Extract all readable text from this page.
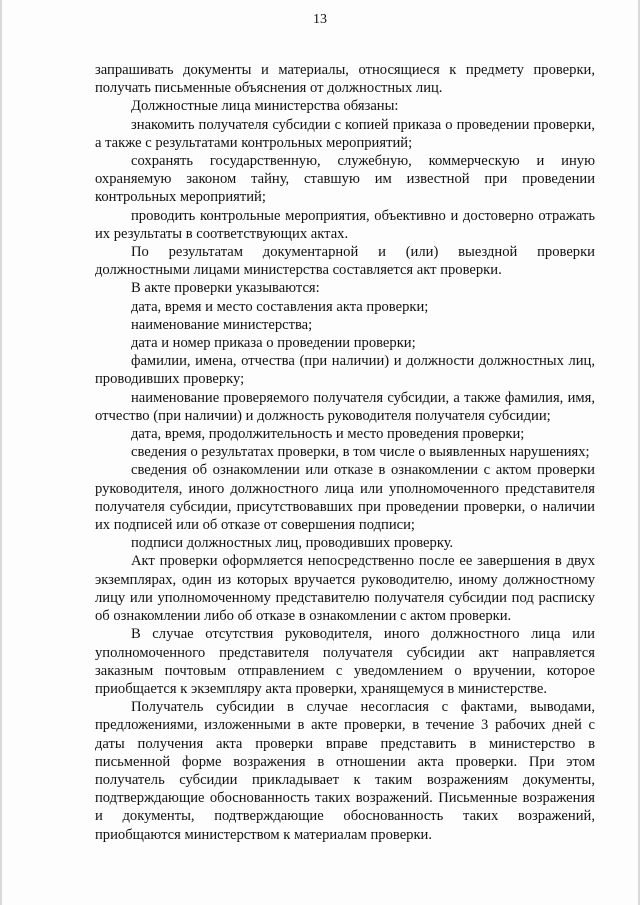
13

запрашивать документы и материалы, относящиеся к предмету проверки, получать письменные объяснения от должностных лиц.

Должностные лица министерства обязаны:

знакомить получателя субсидии с копией приказа о проведении проверки, а также с результатами контрольных мероприятий;

сохранять государственную, служебную, коммерческую и иную охраняемую законом тайну, ставшую им известной при проведении контрольных мероприятий;

проводить контрольные мероприятия, объективно и достоверно отражать их результаты в соответствующих актах.

По результатам документарной и (или) выездной проверки должностными лицами министерства составляется акт проверки.

В акте проверки указываются:

дата, время и место составления акта проверки;

наименование министерства;

дата и номер приказа о проведении проверки;

фамилии, имена, отчества (при наличии) и должности должностных лиц, проводивших проверку;

наименование проверяемого получателя субсидии, а также фамилия, имя, отчество (при наличии) и должность руководителя получателя субсидии;

дата, время, продолжительность и место проведения проверки;

сведения о результатах проверки, в том числе о выявленных нарушениях;

сведения об ознакомлении или отказе в ознакомлении с актом проверки руководителя, иного должностного лица или уполномоченного представителя получателя субсидии, присутствовавших при проведении проверки, о наличии их подписей или об отказе от совершения подписи;

подписи должностных лиц, проводивших проверку.

Акт проверки оформляется непосредственно после ее завершения в двух экземплярах, один из которых вручается руководителю, иному должностному лицу или уполномоченному представителю получателя субсидии под расписку об ознакомлении либо об отказе в ознакомлении с актом проверки.

В случае отсутствия руководителя, иного должностного лица или уполномоченного представителя получателя субсидии акт направляется заказным почтовым отправлением с уведомлением о вручении, которое приобщается к экземпляру акта проверки, хранящемуся в министерстве.

Получатель субсидии в случае несогласия с фактами, выводами, предложениями, изложенными в акте проверки, в течение 3 рабочих дней с даты получения акта проверки вправе представить в министерство в письменной форме возражения в отношении акта проверки. При этом получатель субсидии прикладывает к таким возражениям документы, подтверждающие обоснованность таких возражений. Письменные возражения и документы, подтверждающие обоснованность таких возражений, приобщаются министерством к материалам проверки.
